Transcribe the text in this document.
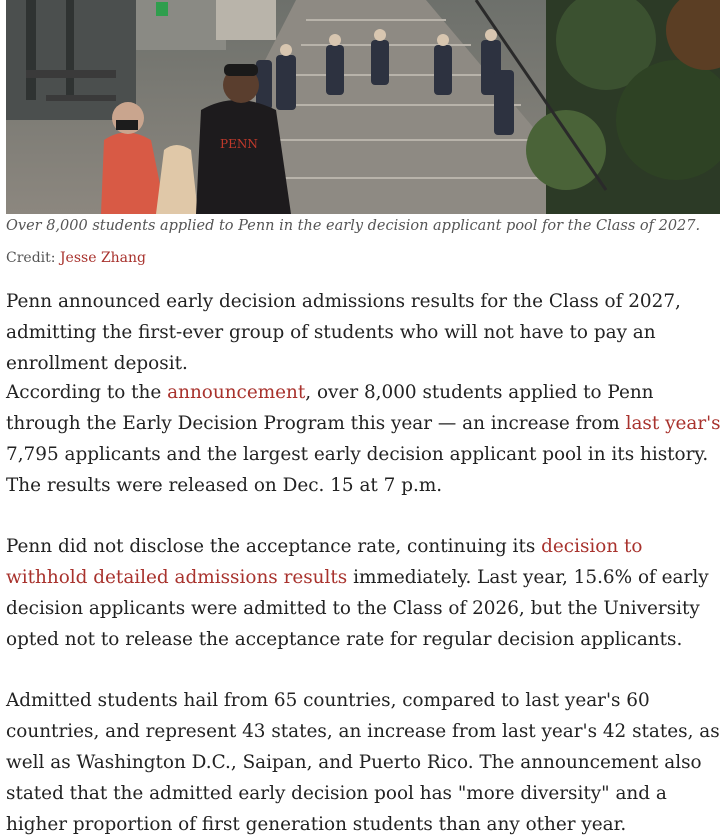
PENN
Over 8,000 students applied to Penn in the early decision applicant pool for the Class of 2027.
Credit: Jesse Zhang

Penn announced early decision admissions results for the Class of 2027, admitting the first-ever group of students who will not have to pay an enrollment deposit.

According to the announcement, over 8,000 students applied to Penn through the Early Decision Program this year — an increase from last year's 7,795 applicants and the largest early decision applicant pool in its history. The results were released on Dec. 15 at 7 p.m.

Penn did not disclose the acceptance rate, continuing its decision to withhold detailed admissions results immediately. Last year, 15.6% of early decision applicants were admitted to the Class of 2026, but the University opted not to release the acceptance rate for regular decision applicants.

Admitted students hail from 65 countries, compared to last year's 60 countries, and represent 43 states, an increase from last year's 42 states, as well as Washington D.C., Saipan, and Puerto Rico. The announcement also stated that the admitted early decision pool has "more diversity" and a higher proportion of first generation students than any other year.
